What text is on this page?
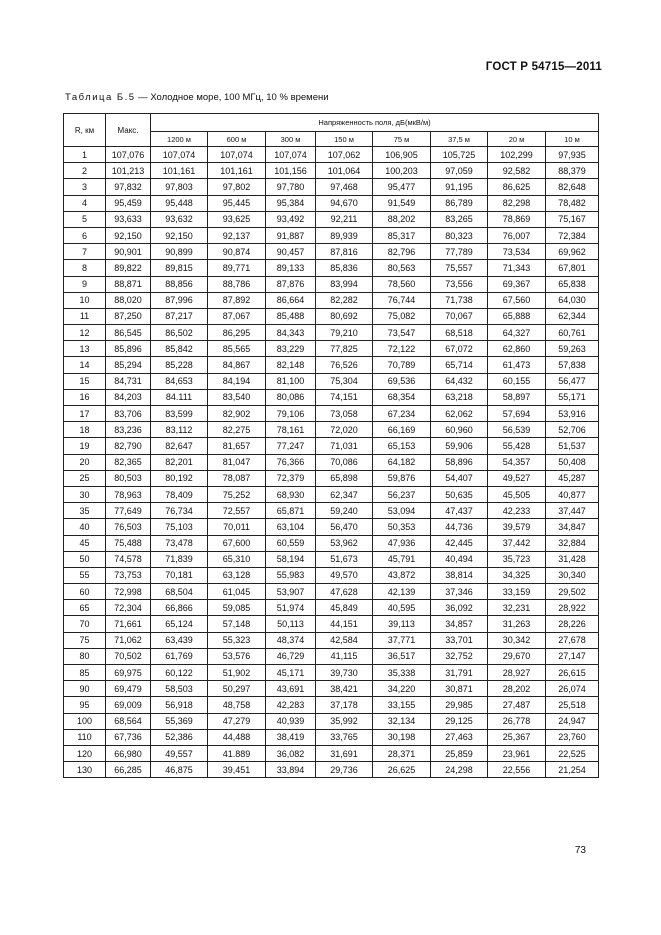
ГОСТ Р 54715—2011
Таблица Б.5 — Холодное море, 100 МГц, 10 % времени
R, км	Макс.	Напряженность поля, дБ(мкВ/м)							
		1200 м	600 м	300 м	150 м	75 м	37,5 м	20 м	10 м
1	107,076	107,074	107,074	107,074	107,062	106,905	105,725	102,299	97,935
2	101,213	101,161	101,161	101,156	101,064	100,203	97,059	92,582	88,379
3	97,832	97,803	97,802	97,780	97,468	95,477	91,195	86,625	82,648
4	95,459	95,448	95,445	95,384	94,670	91,549	86,789	82,298	78,482
5	93,633	93,632	93,625	93,492	92,211	88,202	83,265	78,869	75,167
6	92,150	92,150	92,137	91,887	89,939	85,317	80,323	76,007	72,384
7	90,901	90,899	90,874	90,457	87,816	82,796	77,789	73,534	69,962
8	89,822	89,815	89,771	89,133	85,836	80,563	75,557	71,343	67,801
9	88,871	88,856	88,786	87,876	83,994	78,560	73,556	69,367	65,838
10	88,020	87,996	87,892	86,664	82,282	76,744	71,738	67,560	64,030
11	87,250	87,217	87,067	85,488	80,692	75,082	70,067	65,888	62,344
12	86,545	86,502	86,295	84,343	79,210	73,547	68,518	64,327	60,761
13	85,896	85,842	85,565	83,229	77,825	72,122	67,072	62,860	59,263
14	85,294	85,228	84,867	82,148	76,526	70,789	65,714	61,473	57,838
15	84,731	84,653	84,194	81,100	75,304	69,536	64,432	60,155	56,477
16	84,203	84.111	83,540	80,086	74,151	68,354	63,218	58,897	55,171
17	83,706	83,599	82,902	79,106	73,058	67,234	62,062	57,694	53,916
18	83,236	83,112	82,275	78,161	72,020	66,169	60,960	56,539	52,706
19	82,790	82,647	81,657	77,247	71,031	65,153	59,906	55,428	51,537
20	82,365	82,201	81,047	76,366	70,086	64,182	58,896	54,357	50,408
25	80,503	80,192	78,087	72,379	65,898	59,876	54,407	49,527	45,287
30	78,963	78,409	75,252	68,930	62,347	56,237	50,635	45,505	40,877
35	77,649	76,734	72,557	65,871	59,240	53,094	47,437	42,233	37,447
40	76,503	75,103	70,011	63,104	56,470	50,353	44,736	39,579	34,847
45	75,488	73,478	67,600	60,559	53,962	47,936	42,445	37,442	32,884
50	74,578	71,839	65,310	58,194	51,673	45,791	40,494	35,723	31,428
55	73,753	70,181	63,128	55,983	49,570	43,872	38,814	34,325	30,340
60	72,998	68,504	61,045	53,907	47,628	42,139	37,346	33,159	29,502
65	72,304	66,866	59,085	51,974	45,849	40,595	36,092	32,231	28,922
70	71,661	65,124	57,148	50,113	44,151	39,113	34,857	31,263	28,226
75	71,062	63,439	55,323	48,374	42,584	37,771	33,701	30,342	27,678
80	70,502	61,769	53,576	46,729	41,115	36,517	32,752	29,670	27,147
85	69,975	60,122	51,902	45,171	39,730	35,338	31,791	28,927	26,615
90	69,479	58,503	50,297	43,691	38,421	34,220	30,871	28,202	26,074
95	69,009	56,918	48,758	42,283	37,178	33,155	29,985	27,487	25,518
100	68,564	55,369	47,279	40,939	35,992	32,134	29,125	26,778	24,947
110	67,736	52,386	44,488	38,419	33,765	30,198	27,463	25,367	23,760
120	66,980	49,557	41.889	36,082	31,691	28,371	25,859	23,961	22,525
130	66,285	46,875	39,451	33,894	29,736	26,625	24,298	22,556	21,254
73
